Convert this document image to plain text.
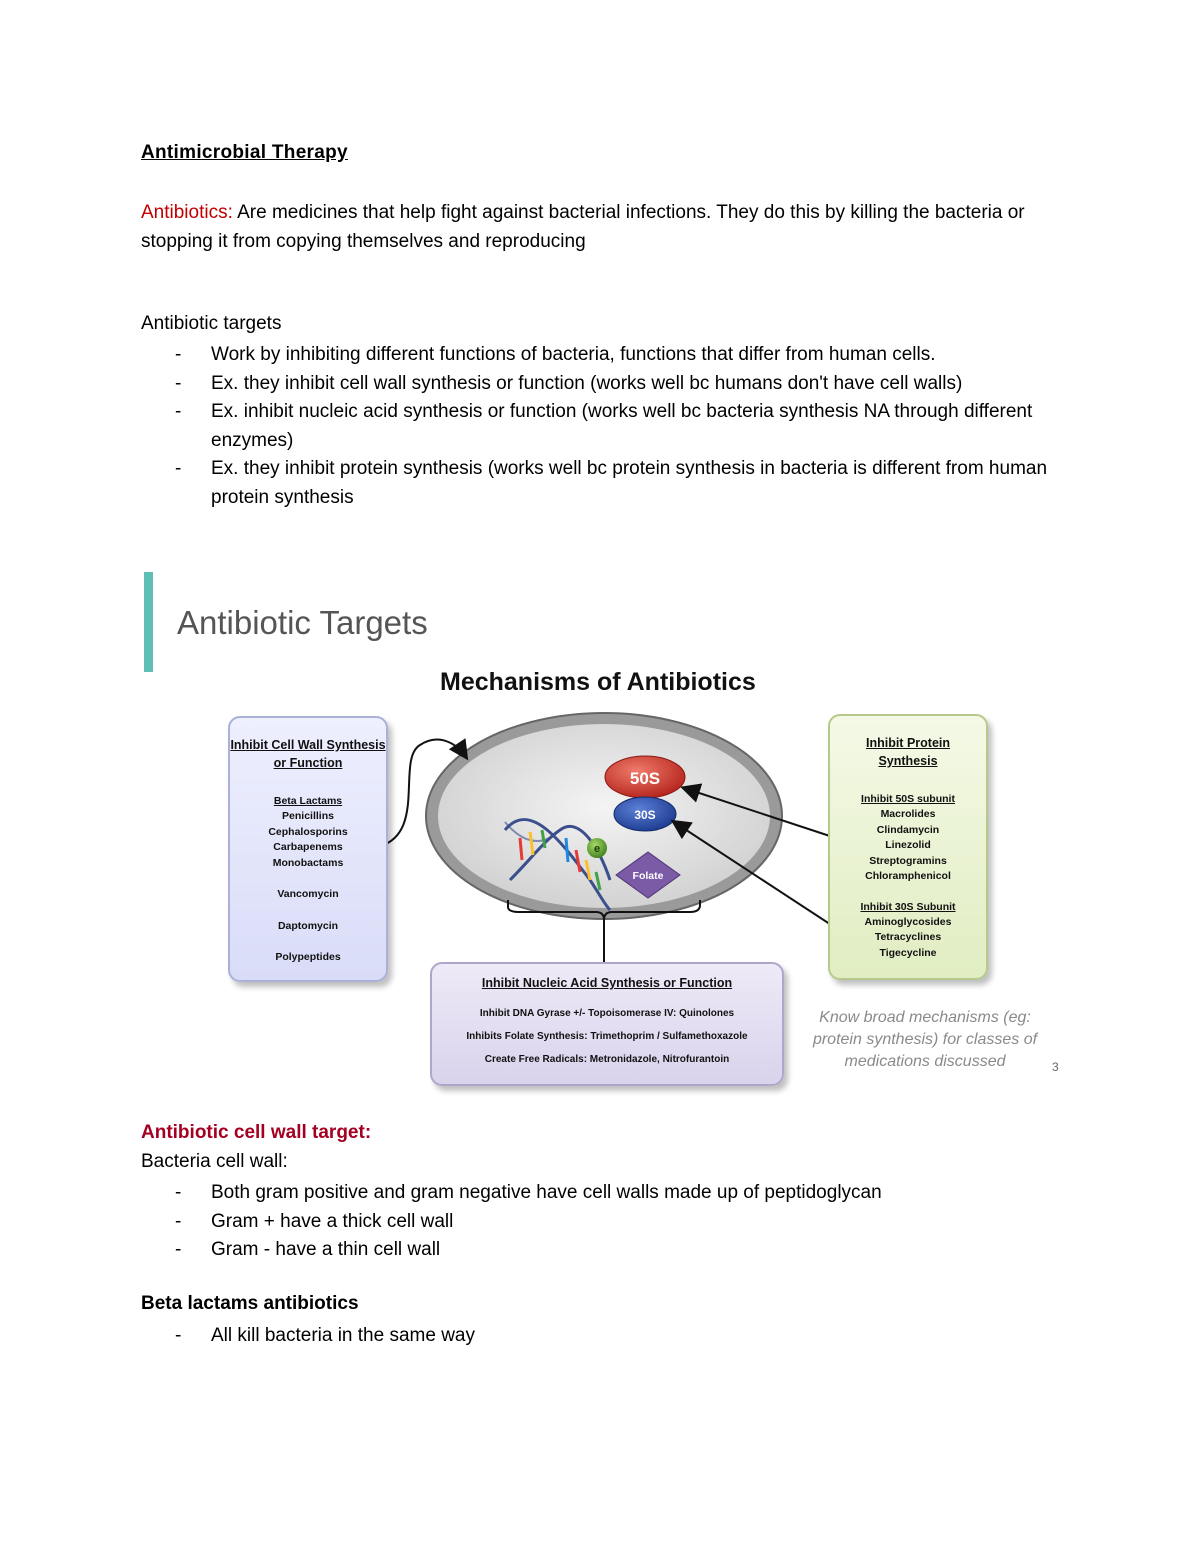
Antimicrobial Therapy
Antibiotics: Are medicines that help fight against bacterial infections. They do this by killing the bacteria or stopping it from copying themselves and reproducing
Antibiotic targets
- Work by inhibiting different functions of bacteria, functions that differ from human cells.
- Ex. they inhibit cell wall synthesis or function (works well bc humans don't have cell walls)
- Ex. inhibit nucleic acid synthesis or function (works well bc bacteria synthesis NA through different enzymes)
- Ex. they inhibit protein synthesis (works well bc protein synthesis in bacteria is different from human protein synthesis
Antibiotic Targets
Mechanisms of Antibiotics
50S
30S
e
Folate
Inhibit Cell Wall Synthesis or Function
Beta Lactams
Penicillins
Cephalosporins
Carbapenems
Monobactams
Vancomycin
Daptomycin
Polypeptides
Inhibit Protein Synthesis
Inhibit 50S subunit
Macrolides
Clindamycin
Linezolid
Streptogramins
Chloramphenicol
Inhibit 30S Subunit
Aminoglycosides
Tetracyclines
Tigecycline
Inhibit Nucleic Acid Synthesis or Function
Inhibit DNA Gyrase +/- Topoisomerase IV: Quinolones
Inhibits Folate Synthesis: Trimethoprim / Sulfamethoxazole
Create Free Radicals: Metronidazole, Nitrofurantoin
Know broad mechanisms (eg: protein synthesis) for classes of medications discussed	3
Antibiotic cell wall target:
Bacteria cell wall:
- Both gram positive and gram negative have cell walls made up of peptidoglycan
- Gram + have a thick cell wall
- Gram - have a thin cell wall
Beta lactams antibiotics
- All kill bacteria in the same way
